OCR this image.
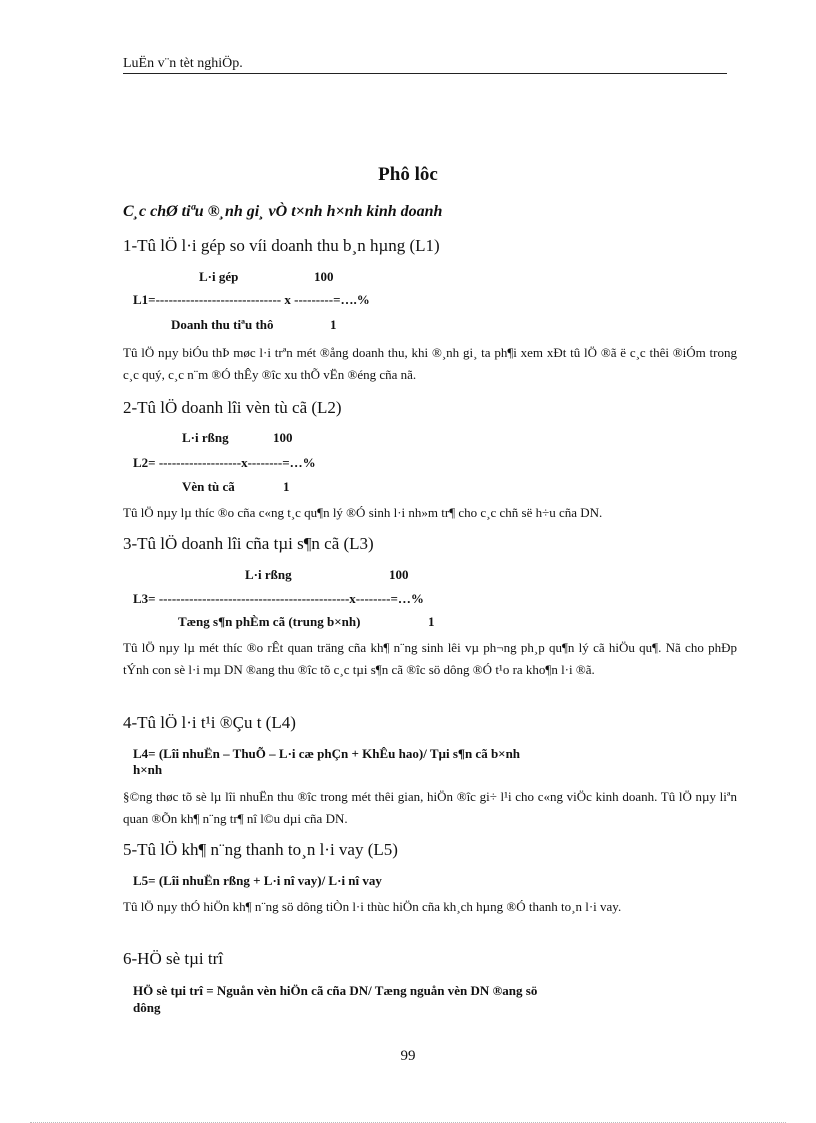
LuËn v¨n tèt nghiÖp.
Phô lôc
C¸c chØ tiªu ®¸nh gi¸ vÒ t×nh h×nh kinh doanh
1-Tû lÖ l·i gép so víi doanh thu b¸n hµng (L1)
L·i gép	100
L1=----------------------------- x ---------=….%
Doanh thu tiªu thô	1
Tû lÖ nµy biÓu thÞ møc l·i trªn mét ®ång doanh thu, khi ®¸nh gi¸ ta ph¶i xem xÐt tû lÖ ®ã ë c¸c thêi ®iÓm trong c¸c quý, c¸c n¨m ®Ó thÊy ®îc xu thÕ vËn ®éng cña nã.
2-Tû lÖ doanh lîi vèn tù cã (L2)
L·i rßng	100
L2= -------------------x--------=…%
Vèn tù cã	1
Tû lÖ nµy lµ thíc ®o cña c«ng t¸c qu¶n lý ®Ó sinh l·i nh»m tr¶ cho c¸c chñ së h÷u cña DN.
3-Tû lÖ doanh lîi cña tµi s¶n cã (L3)
L·i rßng	100
L3= --------------------------------------------x--------=…%
Tæng s¶n phÈm cã (trung b×nh)	1
Tû lÖ nµy lµ mét thíc ®o rÊt quan träng cña kh¶ n¨ng sinh lêi vµ ph¬ng ph¸p qu¶n lý cã hiÖu qu¶. Nã cho phÐp tÝnh con sè l·i mµ DN ®ang thu ®îc tõ c¸c tµi s¶n cã ®îc sö dông ®Ó t¹o ra kho¶n l·i ®ã.
4-Tû lÖ l·i t¹i ®Çu t (L4)
L4= (Lîi nhuËn – ThuÕ – L·i cæ phÇn + KhÊu hao)/ Tµi s¶n cã b×nh
h×nh
§©ng thøc tõ sè lµ lîi nhuËn thu ®îc trong mét thêi gian, hiÖn ®îc gi÷ l¹i cho c«ng viÖc kinh doanh. Tû lÖ nµy liªn quan ®Õn kh¶ n¨ng tr¶ nî l©u dµi cña DN.
5-Tû lÖ kh¶ n¨ng thanh to¸n l·i vay (L5)
L5= (Lîi nhuËn rßng + L·i nî vay)/ L·i nî vay
Tû lÖ nµy thÓ hiÖn kh¶ n¨ng sö dông tiÒn l·i thùc hiÖn cña kh¸ch hµng ®Ó thanh to¸n l·i vay.
6-HÖ sè tµi trî
HÖ sè tµi trî = Nguån vèn hiÖn cã cña DN/ Tæng nguån vèn DN ®ang sö
dông
99
